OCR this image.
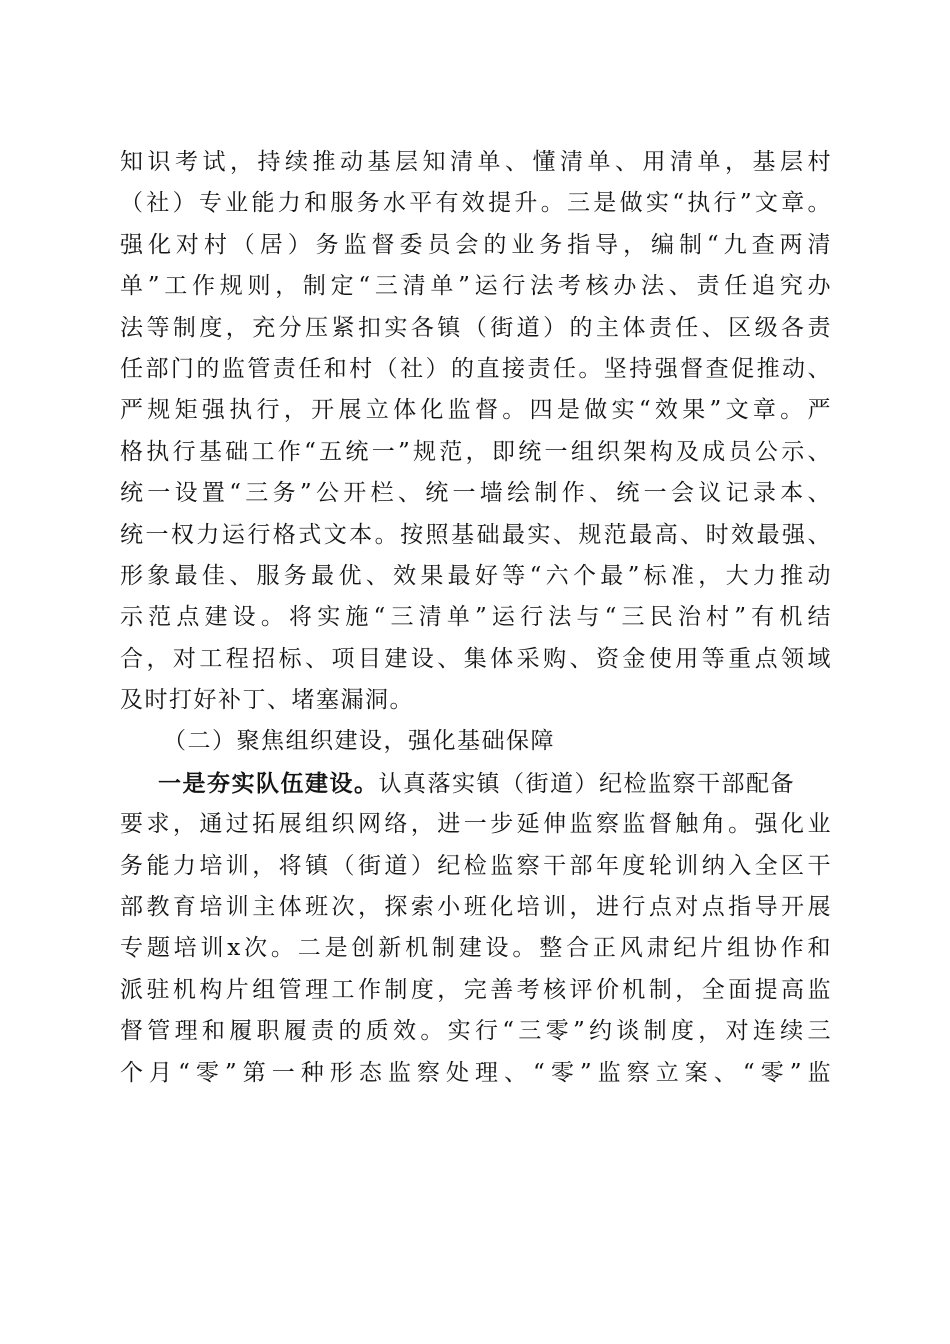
知识考试，持续推动基层知清单、懂清单、用清单，基层村
（社）专业能力和服务水平有效提升。三是做实“执行”文章。
强化对村（居）务监督委员会的业务指导，编制“九查两清
单”工作规则，制定“三清单”运行法考核办法、责任追究办
法等制度，充分压紧扣实各镇（街道）的主体责任、区级各责
任部门的监管责任和村（社）的直接责任。坚持强督查促推动、
严规矩强执行，开展立体化监督。四是做实“效果”文章。严
格执行基础工作“五统一”规范，即统一组织架构及成员公示、
统一设置“三务”公开栏、统一墙绘制作、统一会议记录本、
统一权力运行格式文本。按照基础最实、规范最高、时效最强、
形象最佳、服务最优、效果最好等“六个最”标准，大力推动
示范点建设。将实施“三清单”运行法与“三民治村”有机结
合，对工程招标、项目建设、集体采购、资金使用等重点领域
及时打好补丁、堵塞漏洞。
（二）聚焦组织建设，强化基础保障
一是夯实队伍建设。认真落实镇（街道）纪检监察干部配备
要求，通过拓展组织网络，进一步延伸监察监督触角。强化业
务能力培训，将镇（街道）纪检监察干部年度轮训纳入全区干
部教育培训主体班次，探索小班化培训，进行点对点指导开展
专题培训x次。二是创新机制建设。整合正风肃纪片组协作和
派驻机构片组管理工作制度，完善考核评价机制，全面提高监
督管理和履职履责的质效。实行“三零”约谈制度，对连续三
个月“零”第一种形态监察处理、“零”监察立案、“零”监
